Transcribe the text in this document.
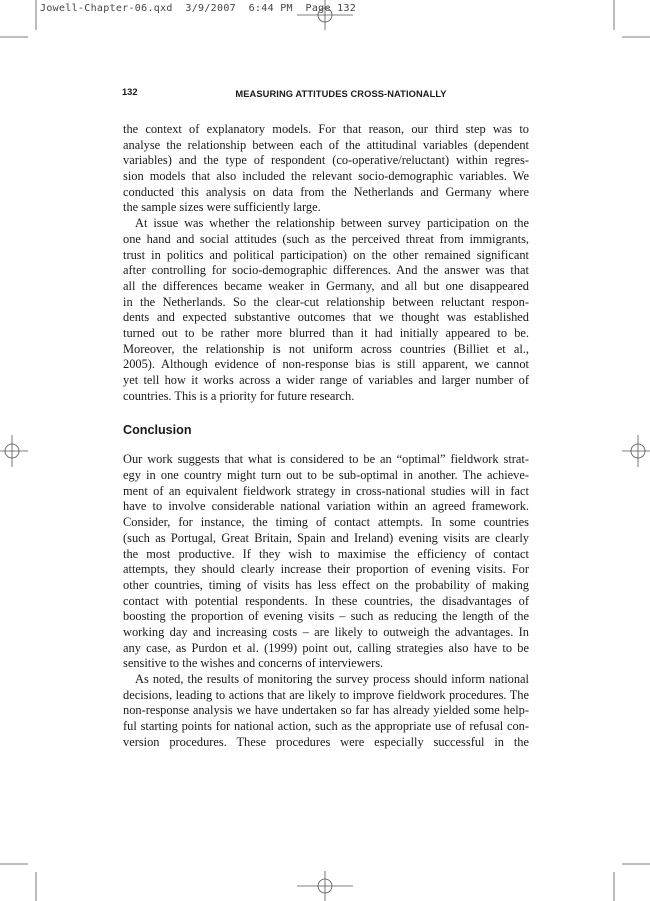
Jowell-Chapter-06.qxd 3/9/2007 6:44 PM Page 132
132	MEASURING ATTITUDES CROSS-NATIONALLY
the context of explanatory models. For that reason, our third step was to
analyse the relationship between each of the attitudinal variables (dependent
variables) and the type of respondent (co-operative/reluctant) within regres-
sion models that also included the relevant socio-demographic variables. We
conducted this analysis on data from the Netherlands and Germany where
the sample sizes were sufficiently large.
At issue was whether the relationship between survey participation on the
one hand and social attitudes (such as the perceived threat from immigrants,
trust in politics and political participation) on the other remained significant
after controlling for socio-demographic differences. And the answer was that
all the differences became weaker in Germany, and all but one disappeared
in the Netherlands. So the clear-cut relationship between reluctant respon-
dents and expected substantive outcomes that we thought was established
turned out to be rather more blurred than it had initially appeared to be.
Moreover, the relationship is not uniform across countries (Billiet et al.,
2005). Although evidence of non-response bias is still apparent, we cannot
yet tell how it works across a wider range of variables and larger number of
countries. This is a priority for future research.
Conclusion
Our work suggests that what is considered to be an “optimal” fieldwork strat-
egy in one country might turn out to be sub-optimal in another. The achieve-
ment of an equivalent fieldwork strategy in cross-national studies will in fact
have to involve considerable national variation within an agreed framework.
Consider, for instance, the timing of contact attempts. In some countries
(such as Portugal, Great Britain, Spain and Ireland) evening visits are clearly
the most productive. If they wish to maximise the efficiency of contact
attempts, they should clearly increase their proportion of evening visits. For
other countries, timing of visits has less effect on the probability of making
contact with potential respondents. In these countries, the disadvantages of
boosting the proportion of evening visits – such as reducing the length of the
working day and increasing costs – are likely to outweigh the advantages. In
any case, as Purdon et al. (1999) point out, calling strategies also have to be
sensitive to the wishes and concerns of interviewers.
As noted, the results of monitoring the survey process should inform national
decisions, leading to actions that are likely to improve fieldwork procedures. The
non-response analysis we have undertaken so far has already yielded some help-
ful starting points for national action, such as the appropriate use of refusal con-
version procedures. These procedures were especially successful in the
